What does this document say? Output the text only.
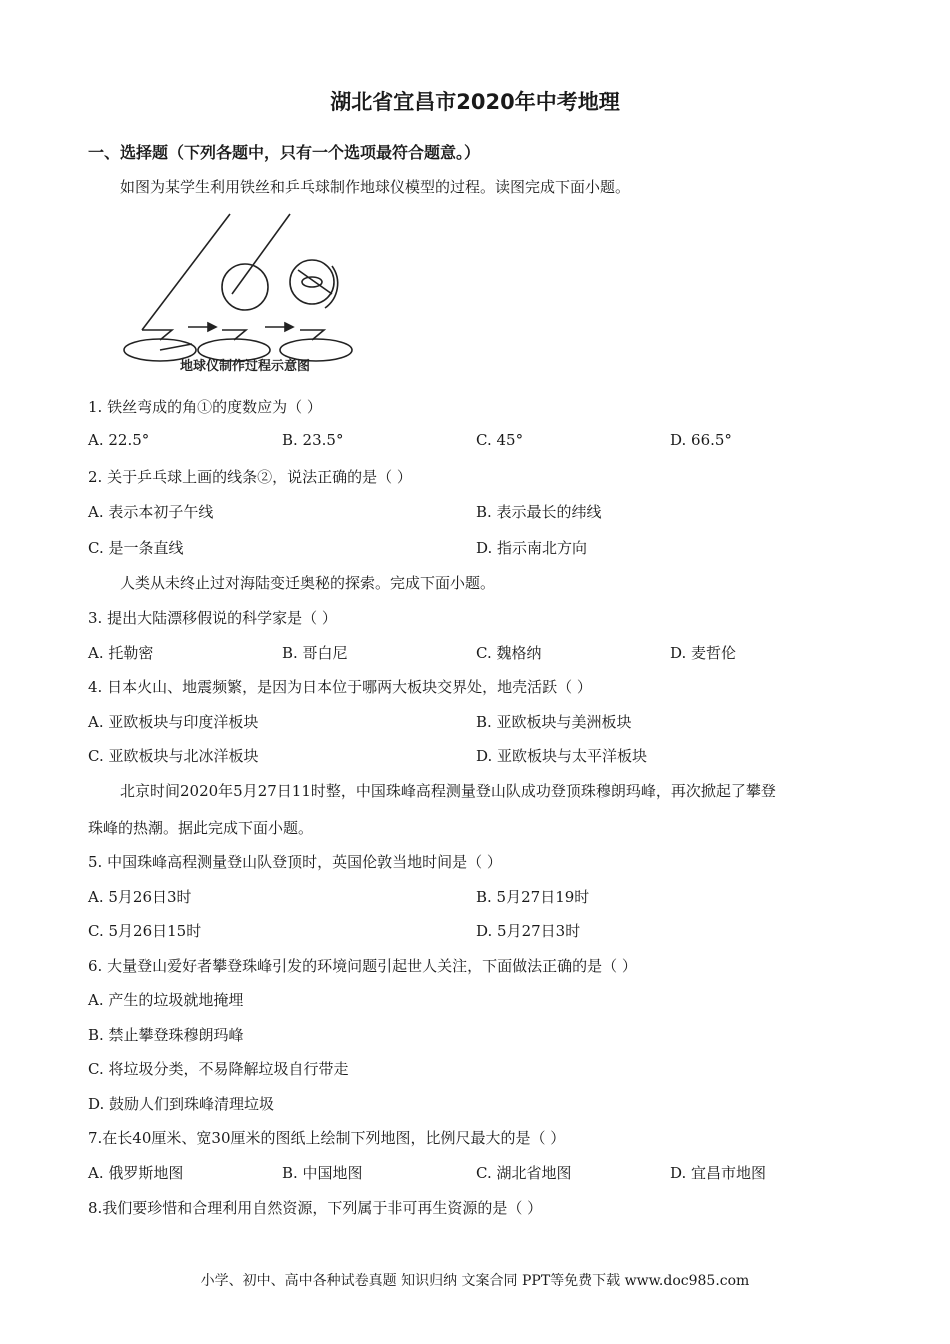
湖北省宜昌市2020年中考地理
一、选择题（下列各题中，只有一个选项最符合题意。）
如图为某学生利用铁丝和乒乓球制作地球仪模型的过程。读图完成下面小题。
地球仪制作过程示意图
1. 铁丝弯成的角①的度数应为（ ）
A. 22.5°	B. 23.5°	C. 45°	D. 66.5°
2. 关于乒乓球上画的线条②，说法正确的是（ ）
A. 表示本初子午线	B. 表示最长的纬线
C. 是一条直线	D. 指示南北方向
人类从未终止过对海陆变迁奥秘的探索。完成下面小题。
3. 提出大陆漂移假说的科学家是（ ）
A. 托勒密	B. 哥白尼	C. 魏格纳	D. 麦哲伦
4. 日本火山、地震频繁，是因为日本位于哪两大板块交界处，地壳活跃（ ）
A. 亚欧板块与印度洋板块	B. 亚欧板块与美洲板块
C. 亚欧板块与北冰洋板块	D. 亚欧板块与太平洋板块
北京时间2020年5月27日11时整，中国珠峰高程测量登山队成功登顶珠穆朗玛峰，再次掀起了攀登
珠峰的热潮。据此完成下面小题。
5. 中国珠峰高程测量登山队登顶时，英国伦敦当地时间是（ ）
A. 5月26日3时	B. 5月27日19时
C. 5月26日15时	D. 5月27日3时
6. 大量登山爱好者攀登珠峰引发的环境问题引起世人关注，下面做法正确的是（ ）
A. 产生的垃圾就地掩埋
B. 禁止攀登珠穆朗玛峰
C. 将垃圾分类，不易降解垃圾自行带走
D. 鼓励人们到珠峰清理垃圾
7.在长40厘米、宽30厘米的图纸上绘制下列地图，比例尺最大的是（ ）
A. 俄罗斯地图	B. 中国地图	C. 湖北省地图	D. 宜昌市地图
8.我们要珍惜和合理利用自然资源，下列属于非可再生资源的是（ ）
小学、初中、高中各种试卷真题 知识归纳 文案合同 PPT等免费下载 www.doc985.com
